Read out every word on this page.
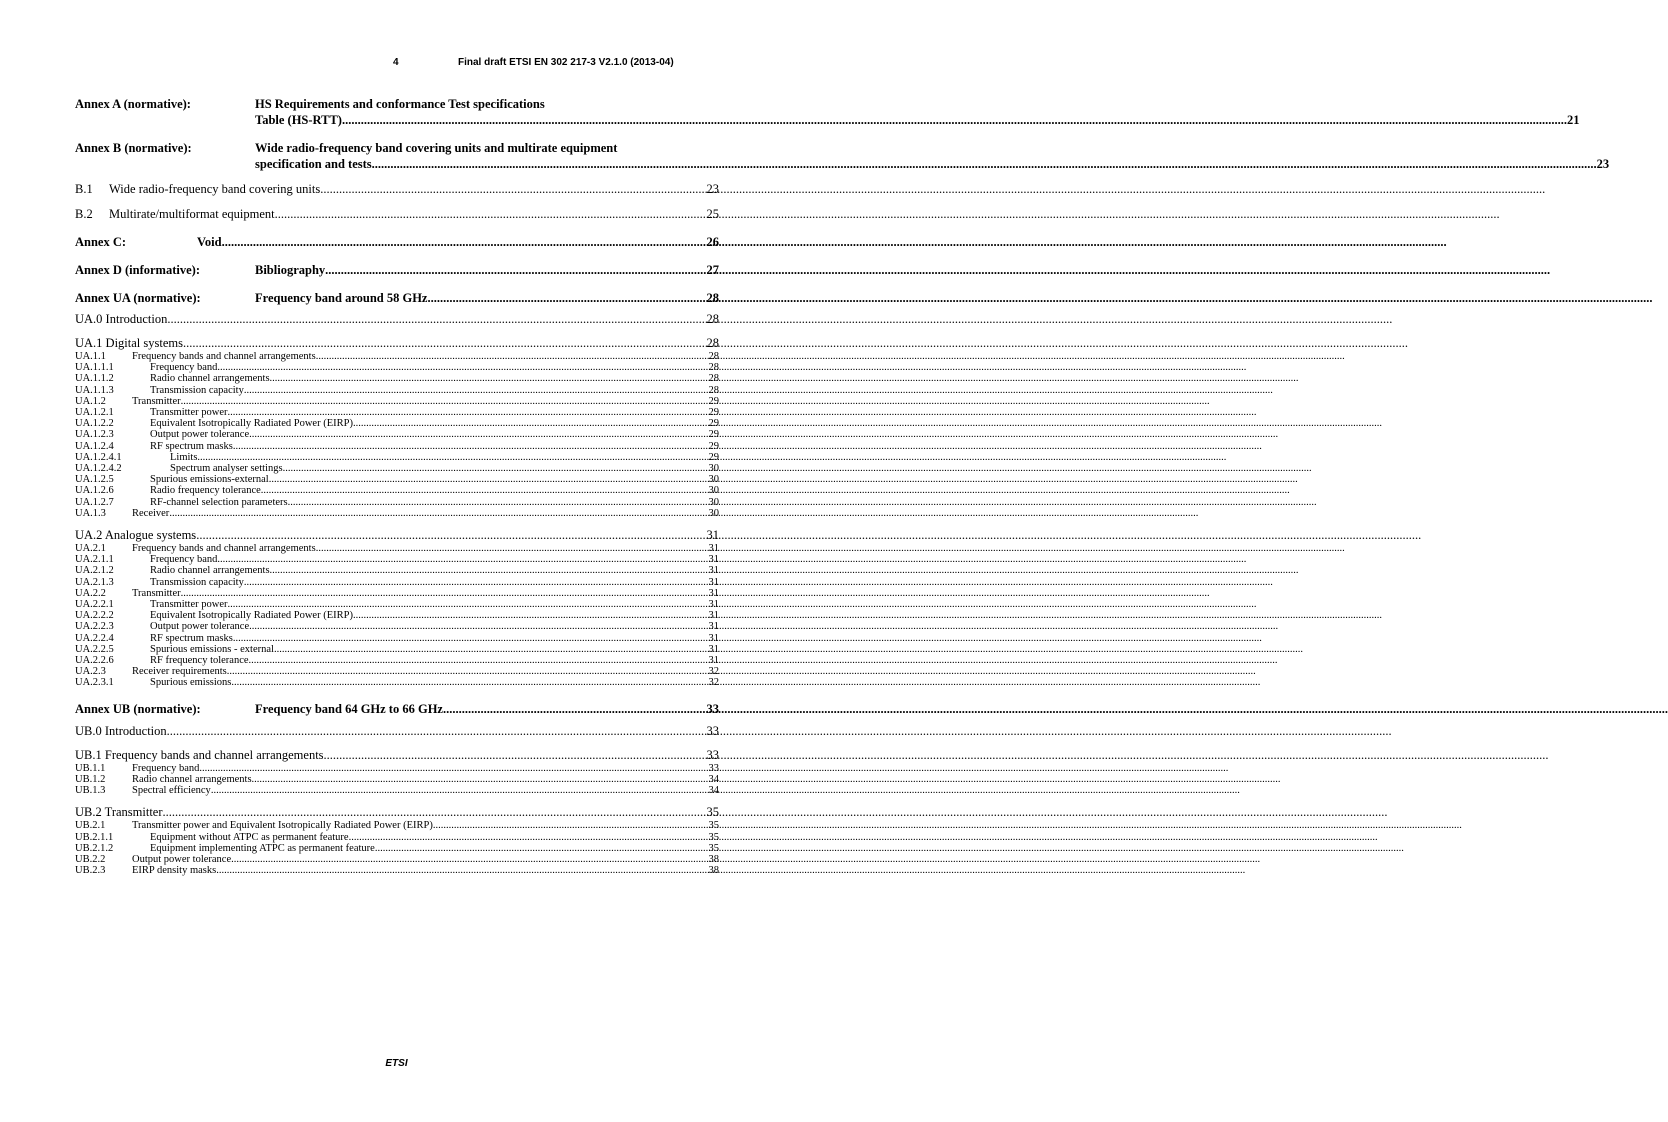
4	Final draft ETSI EN 302 217-3 V2.1.0 (2013-04)
Annex A (normative):	HS Requirements and conformance Test specifications
Table (HS-RTT) .....	21
Annex B (normative):	Wide radio-frequency band covering units and multirate equipment
specification and tests .....	23
B.1	Wide radio-frequency band covering units .....	23
B.2	Multirate/multiformat equipment .....	25
Annex C:	Void .....	26
Annex D (informative):	Bibliography .....	27
Annex UA (normative):	Frequency band around 58 GHz .....	28
UA.0 Introduction .....	28
UA.1 Digital systems .....	28
UA.1.1	Frequency bands and channel arrangements .....	28
UA.1.1.1	Frequency band .....	28
UA.1.1.2	Radio channel arrangements .....	28
UA.1.1.3	Transmission capacity .....	28
UA.1.2	Transmitter .....	29
UA.1.2.1	Transmitter power .....	29
UA.1.2.2	Equivalent Isotropically Radiated Power (EIRP) .....	29
UA.1.2.3	Output power tolerance .....	29
UA.1.2.4	RF spectrum masks .....	29
UA.1.2.4.1	Limits .....	29
UA.1.2.4.2	Spectrum analyser settings .....	30
UA.1.2.5	Spurious emissions-external .....	30
UA.1.2.6	Radio frequency tolerance .....	30
UA.1.2.7	RF-channel selection parameters .....	30
UA.1.3	Receiver .....	30
UA.2 Analogue systems .....	31
UA.2.1	Frequency bands and channel arrangements .....	31
UA.2.1.1	Frequency band .....	31
UA.2.1.2	Radio channel arrangements .....	31
UA.2.1.3	Transmission capacity .....	31
UA.2.2	Transmitter .....	31
UA.2.2.1	Transmitter power .....	31
UA.2.2.2	Equivalent Isotropically Radiated Power (EIRP) .....	31
UA.2.2.3	Output power tolerance .....	31
UA.2.2.4	RF spectrum masks .....	31
UA.2.2.5	Spurious emissions - external .....	31
UA.2.2.6	RF frequency tolerance .....	31
UA.2.3	Receiver requirements .....	32
UA.2.3.1	Spurious emissions .....	32
Annex UB (normative):	Frequency band 64 GHz to 66 GHz .....	33
UB.0 Introduction .....	33
UB.1 Frequency bands and channel arrangements .....	33
UB.1.1	Frequency band .....	33
UB.1.2	Radio channel arrangements .....	34
UB.1.3	Spectral efficiency .....	34
UB.2 Transmitter .....	35
UB.2.1	Transmitter power and Equivalent Isotropically Radiated Power (EIRP) .....	35
UB.2.1.1	Equipment without ATPC as permanent feature .....	35
UB.2.1.2	Equipment implementing ATPC as permanent feature .....	35
UB.2.2	Output power tolerance .....	38
UB.2.3	EIRP density masks .....	38
ETSI
